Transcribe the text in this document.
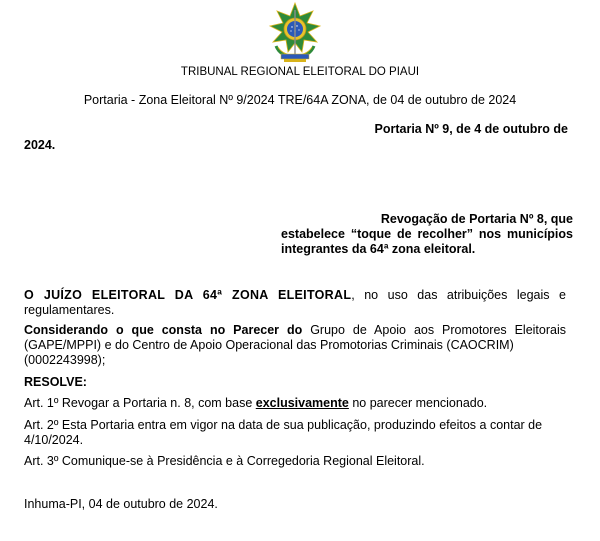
TRIBUNAL REGIONAL ELEITORAL DO PIAUI
Portaria - Zona Eleitoral Nº 9/2024 TRE/64A ZONA, de 04 de outubro de 2024
Portaria Nº 9, de 4 de outubro de
2024.
Revogação de Portaria Nº 8, que
estabelece “toque de recolher” nos municípios
integrantes da 64ª zona eleitoral.
O JUÍZO ELEITORAL DA 64ª ZONA ELEITORAL, no uso das atribuições legais e
regulamentares.
Considerando o que consta no Parecer do Grupo de Apoio aos Promotores Eleitorais
(GAPE/MPPI) e do Centro de Apoio Operacional das Promotorias Criminais (CAOCRIM)
(0002243998);
RESOLVE:
Art. 1º Revogar a Portaria n. 8, com base exclusivamente no parecer mencionado.
Art. 2º Esta Portaria entra em vigor na data de sua publicação, produzindo efeitos a contar de
4/10/2024.
Art. 3º Comunique-se à Presidência e à Corregedoria Regional Eleitoral.
Inhuma-PI, 04 de outubro de 2024.
